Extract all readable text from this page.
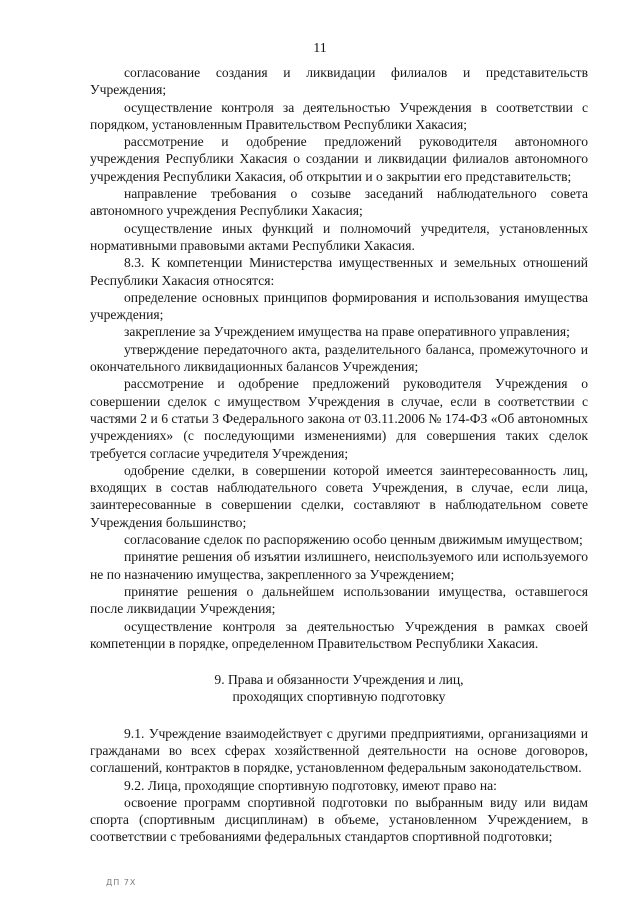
11

согласование создания и ликвидации филиалов и представительств Учреждения;

осуществление контроля за деятельностью Учреждения в соответствии с порядком, установленным Правительством Республики Хакасия;

рассмотрение и одобрение предложений руководителя автономного учреждения Республики Хакасия о создании и ликвидации филиалов автономного учреждения Республики Хакасия, об открытии и о закрытии его представительств;

направление требования о созыве заседаний наблюдательного совета автономного учреждения Республики Хакасия;

осуществление иных функций и полномочий учредителя, установленных нормативными правовыми актами Республики Хакасия.

8.3. К компетенции Министерства имущественных и земельных отношений Республики Хакасия относятся:

определение основных принципов формирования и использования имущества учреждения;

закрепление за Учреждением имущества на праве оперативного управления;

утверждение передаточного акта, разделительного баланса, промежуточного и окончательного ликвидационных балансов Учреждения;

рассмотрение и одобрение предложений руководителя Учреждения о совершении сделок с имуществом Учреждения в случае, если в соответствии с частями 2 и 6 статьи 3 Федерального закона от 03.11.2006 № 174-ФЗ «Об автономных учреждениях» (с последующими изменениями) для совершения таких сделок требуется согласие учредителя Учреждения;

одобрение сделки, в совершении которой имеется заинтересованность лиц, входящих в состав наблюдательного совета Учреждения, в случае, если лица, заинтересованные в совершении сделки, составляют в наблюдательном совете Учреждения большинство;

согласование сделок по распоряжению особо ценным движимым имуществом;

принятие решения об изъятии излишнего, неиспользуемого или используемого не по назначению имущества, закрепленного за Учреждением;

принятие решения о дальнейшем использовании имущества, оставшегося после ликвидации Учреждения;

осуществление контроля за деятельностью Учреждения в рамках своей компетенции в порядке, определенном Правительством Республики Хакасия.

9. Права и обязанности Учреждения и лиц,
проходящих спортивную подготовку

9.1. Учреждение взаимодействует с другими предприятиями, организациями и гражданами во всех сферах хозяйственной деятельности на основе договоров, соглашений, контрактов в порядке, установленном федеральным законодательством.

9.2. Лица, проходящие спортивную подготовку, имеют право на:

освоение программ спортивной подготовки по выбранным виду или видам спорта (спортивным дисциплинам) в объеме, установленном Учреждением, в соответствии с требованиями федеральных стандартов спортивной подготовки;

ДП 7Х
